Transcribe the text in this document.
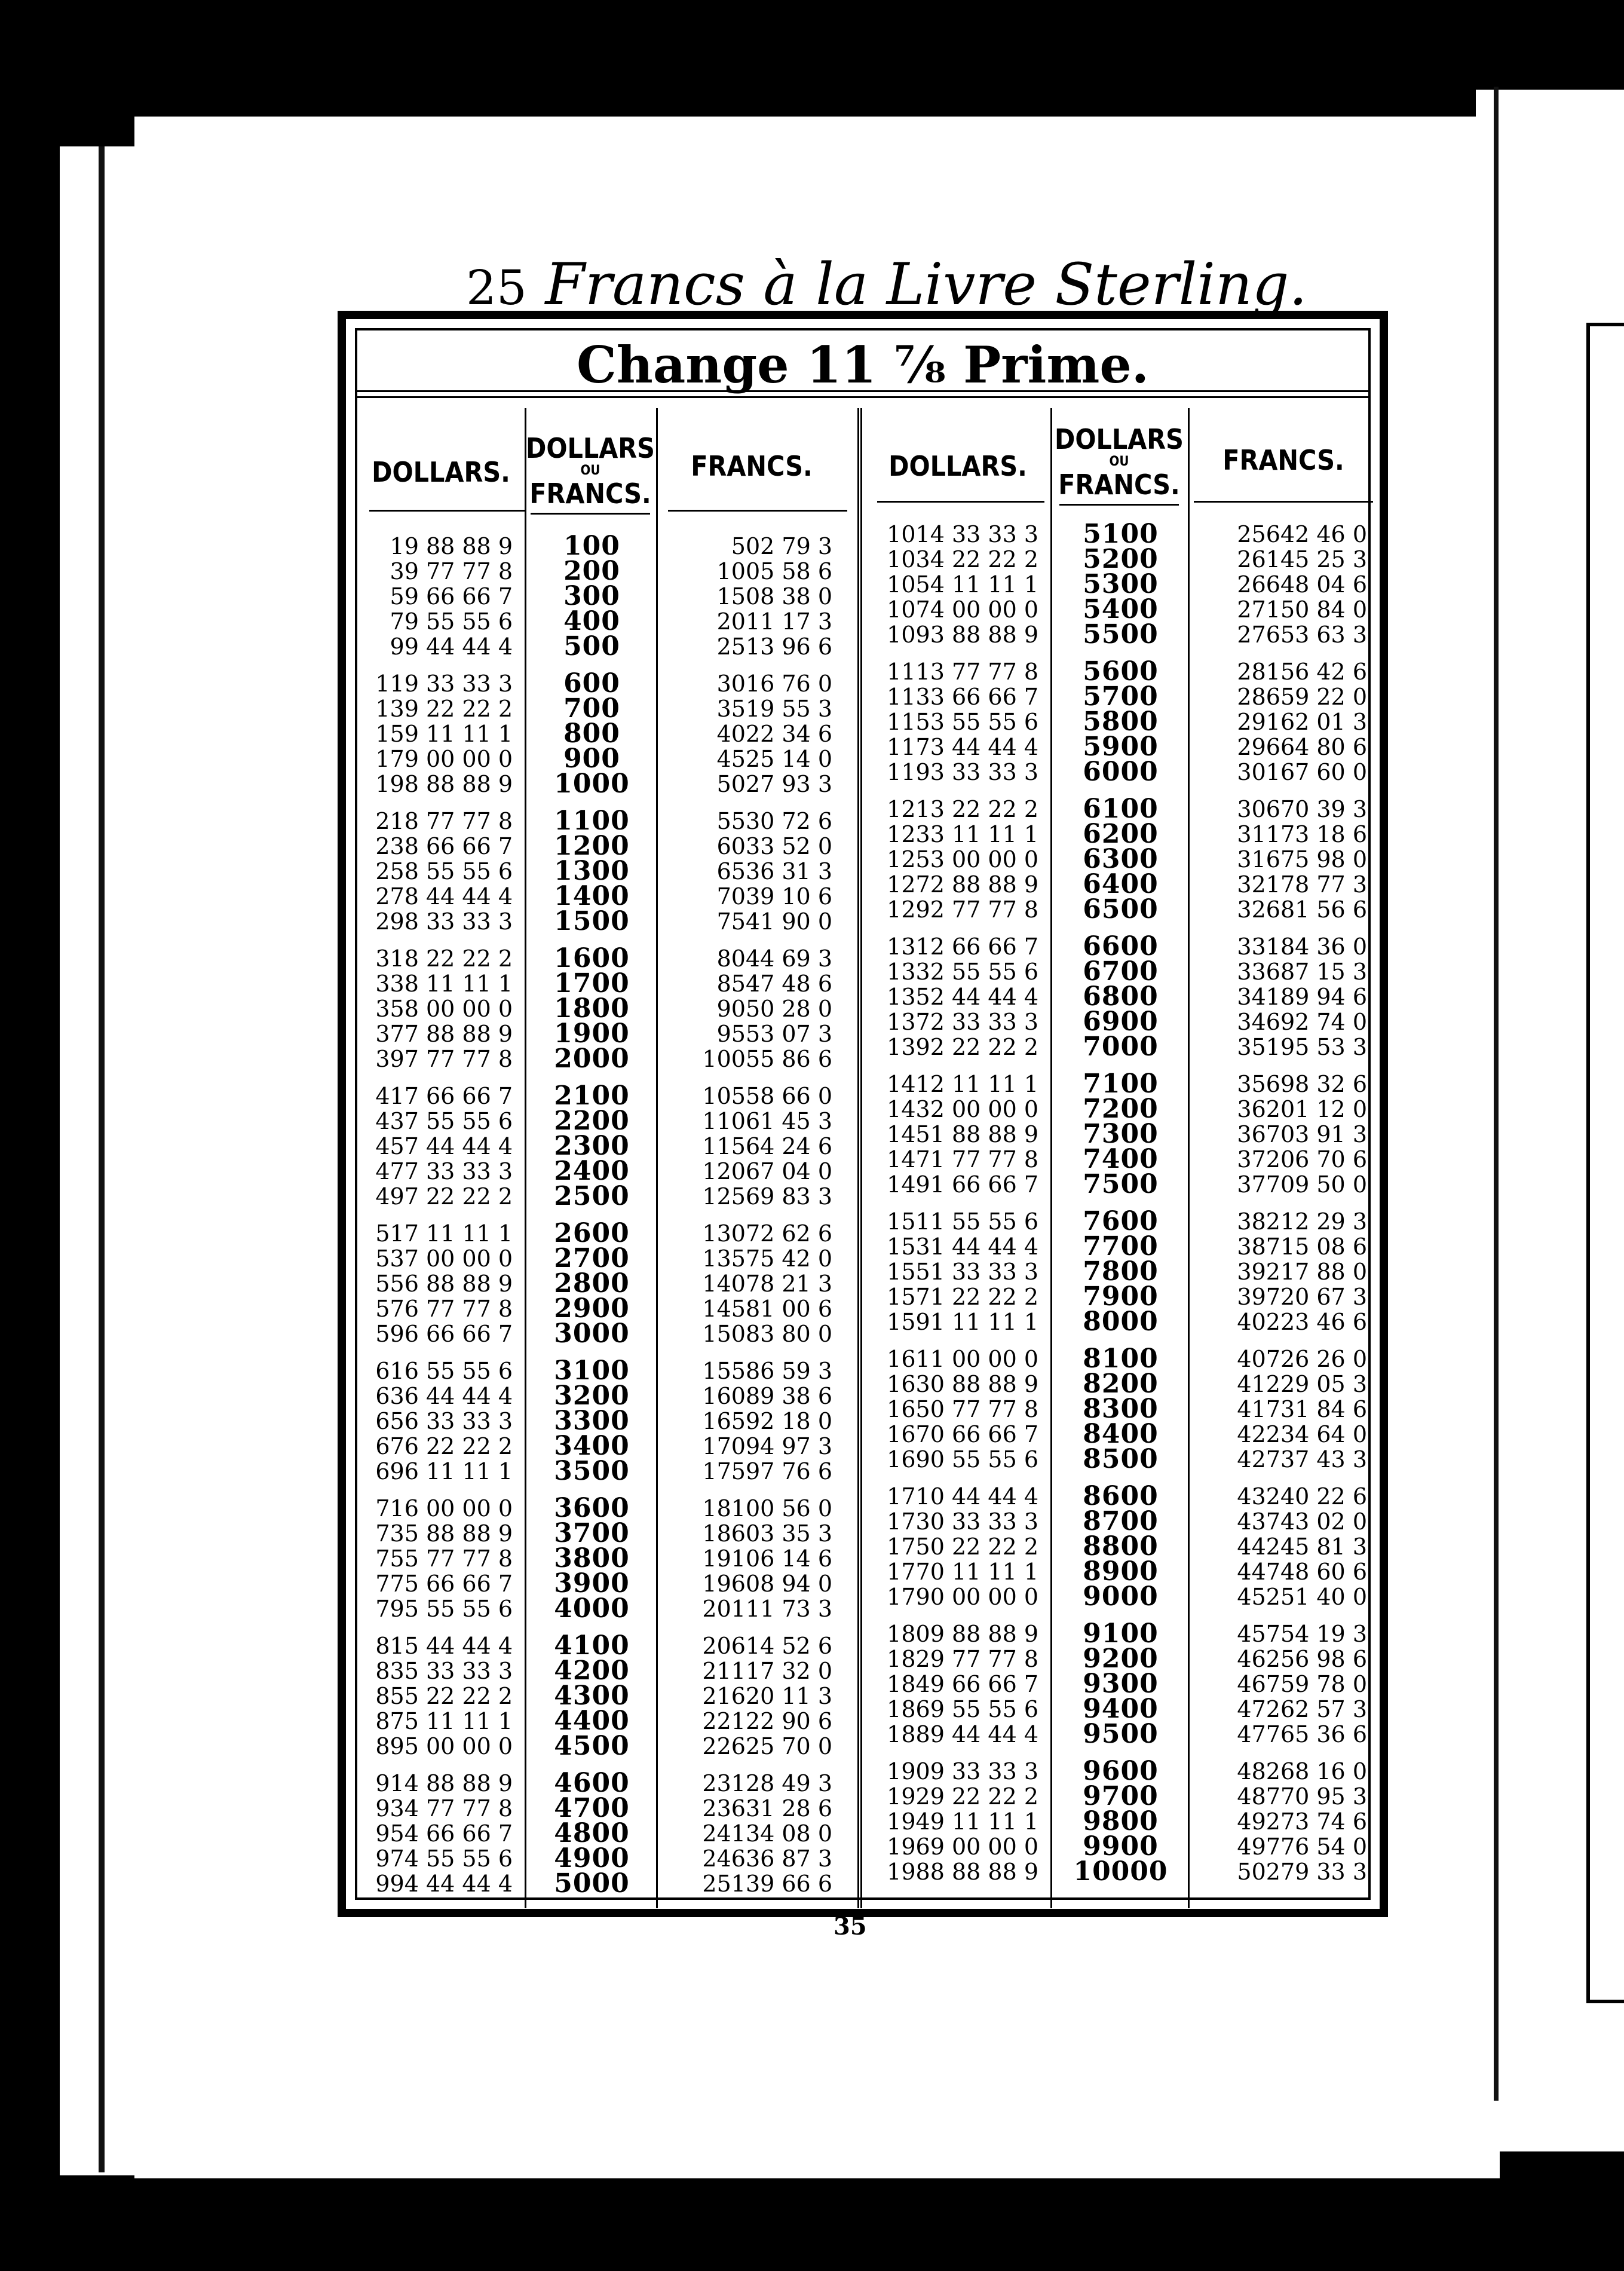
25 Francs à la Livre Sterling.
Change 11 ⅞ Prime.
DOLLARS.
DOLLARS
OU
FRANCS.
FRANCS.	DOLLARS.
DOLLARS
OU
FRANCS.
FRANCS.
19 88 88 9
39 77 77 8
59 66 66 7
79 55 55 6
99 44 44 4
119 33 33 3
139 22 22 2
159 11 11 1
179 00 00 0
198 88 88 9
218 77 77 8
238 66 66 7
258 55 55 6
278 44 44 4
298 33 33 3
318 22 22 2
338 11 11 1
358 00 00 0
377 88 88 9
397 77 77 8
417 66 66 7
437 55 55 6
457 44 44 4
477 33 33 3
497 22 22 2
517 11 11 1
537 00 00 0
556 88 88 9
576 77 77 8
596 66 66 7
616 55 55 6
636 44 44 4
656 33 33 3
676 22 22 2
696 11 11 1
716 00 00 0
735 88 88 9
755 77 77 8
775 66 66 7
795 55 55 6
815 44 44 4
835 33 33 3
855 22 22 2
875 11 11 1
895 00 00 0
914 88 88 9
934 77 77 8
954 66 66 7
974 55 55 6
994 44 44 4
100
200
300
400
500
600
700
800
900
1000
1100
1200
1300
1400
1500
1600
1700
1800
1900
2000
2100
2200
2300
2400
2500
2600
2700
2800
2900
3000
3100
3200
3300
3400
3500
3600
3700
3800
3900
4000
4100
4200
4300
4400
4500
4600
4700
4800
4900
5000
502 79 3
1005 58 6
1508 38 0
2011 17 3
2513 96 6
3016 76 0
3519 55 3
4022 34 6
4525 14 0
5027 93 3
5530 72 6
6033 52 0
6536 31 3
7039 10 6
7541 90 0
8044 69 3
8547 48 6
9050 28 0
9553 07 3
10055 86 6
10558 66 0
11061 45 3
11564 24 6
12067 04 0
12569 83 3
13072 62 6
13575 42 0
14078 21 3
14581 00 6
15083 80 0
15586 59 3
16089 38 6
16592 18 0
17094 97 3
17597 76 6
18100 56 0
18603 35 3
19106 14 6
19608 94 0
20111 73 3
20614 52 6
21117 32 0
21620 11 3
22122 90 6
22625 70 0
23128 49 3
23631 28 6
24134 08 0
24636 87 3
25139 66 6
1014 33 33 3
1034 22 22 2
1054 11 11 1
1074 00 00 0
1093 88 88 9
1113 77 77 8
1133 66 66 7
1153 55 55 6
1173 44 44 4
1193 33 33 3
1213 22 22 2
1233 11 11 1
1253 00 00 0
1272 88 88 9
1292 77 77 8
1312 66 66 7
1332 55 55 6
1352 44 44 4
1372 33 33 3
1392 22 22 2
1412 11 11 1
1432 00 00 0
1451 88 88 9
1471 77 77 8
1491 66 66 7
1511 55 55 6
1531 44 44 4
1551 33 33 3
1571 22 22 2
1591 11 11 1
1611 00 00 0
1630 88 88 9
1650 77 77 8
1670 66 66 7
1690 55 55 6
1710 44 44 4
1730 33 33 3
1750 22 22 2
1770 11 11 1
1790 00 00 0
1809 88 88 9
1829 77 77 8
1849 66 66 7
1869 55 55 6
1889 44 44 4
1909 33 33 3
1929 22 22 2
1949 11 11 1
1969 00 00 0
1988 88 88 9
5100
5200
5300
5400
5500
5600
5700
5800
5900
6000
6100
6200
6300
6400
6500
6600
6700
6800
6900
7000
7100
7200
7300
7400
7500
7600
7700
7800
7900
8000
8100
8200
8300
8400
8500
8600
8700
8800
8900
9000
9100
9200
9300
9400
9500
9600
9700
9800
9900
10000
25642 46 0
26145 25 3
26648 04 6
27150 84 0
27653 63 3
28156 42 6
28659 22 0
29162 01 3
29664 80 6
30167 60 0
30670 39 3
31173 18 6
31675 98 0
32178 77 3
32681 56 6
33184 36 0
33687 15 3
34189 94 6
34692 74 0
35195 53 3
35698 32 6
36201 12 0
36703 91 3
37206 70 6
37709 50 0
38212 29 3
38715 08 6
39217 88 0
39720 67 3
40223 46 6
40726 26 0
41229 05 3
41731 84 6
42234 64 0
42737 43 3
43240 22 6
43743 02 0
44245 81 3
44748 60 6
45251 40 0
45754 19 3
46256 98 6
46759 78 0
47262 57 3
47765 36 6
48268 16 0
48770 95 3
49273 74 6
49776 54 0
50279 33 3
35
